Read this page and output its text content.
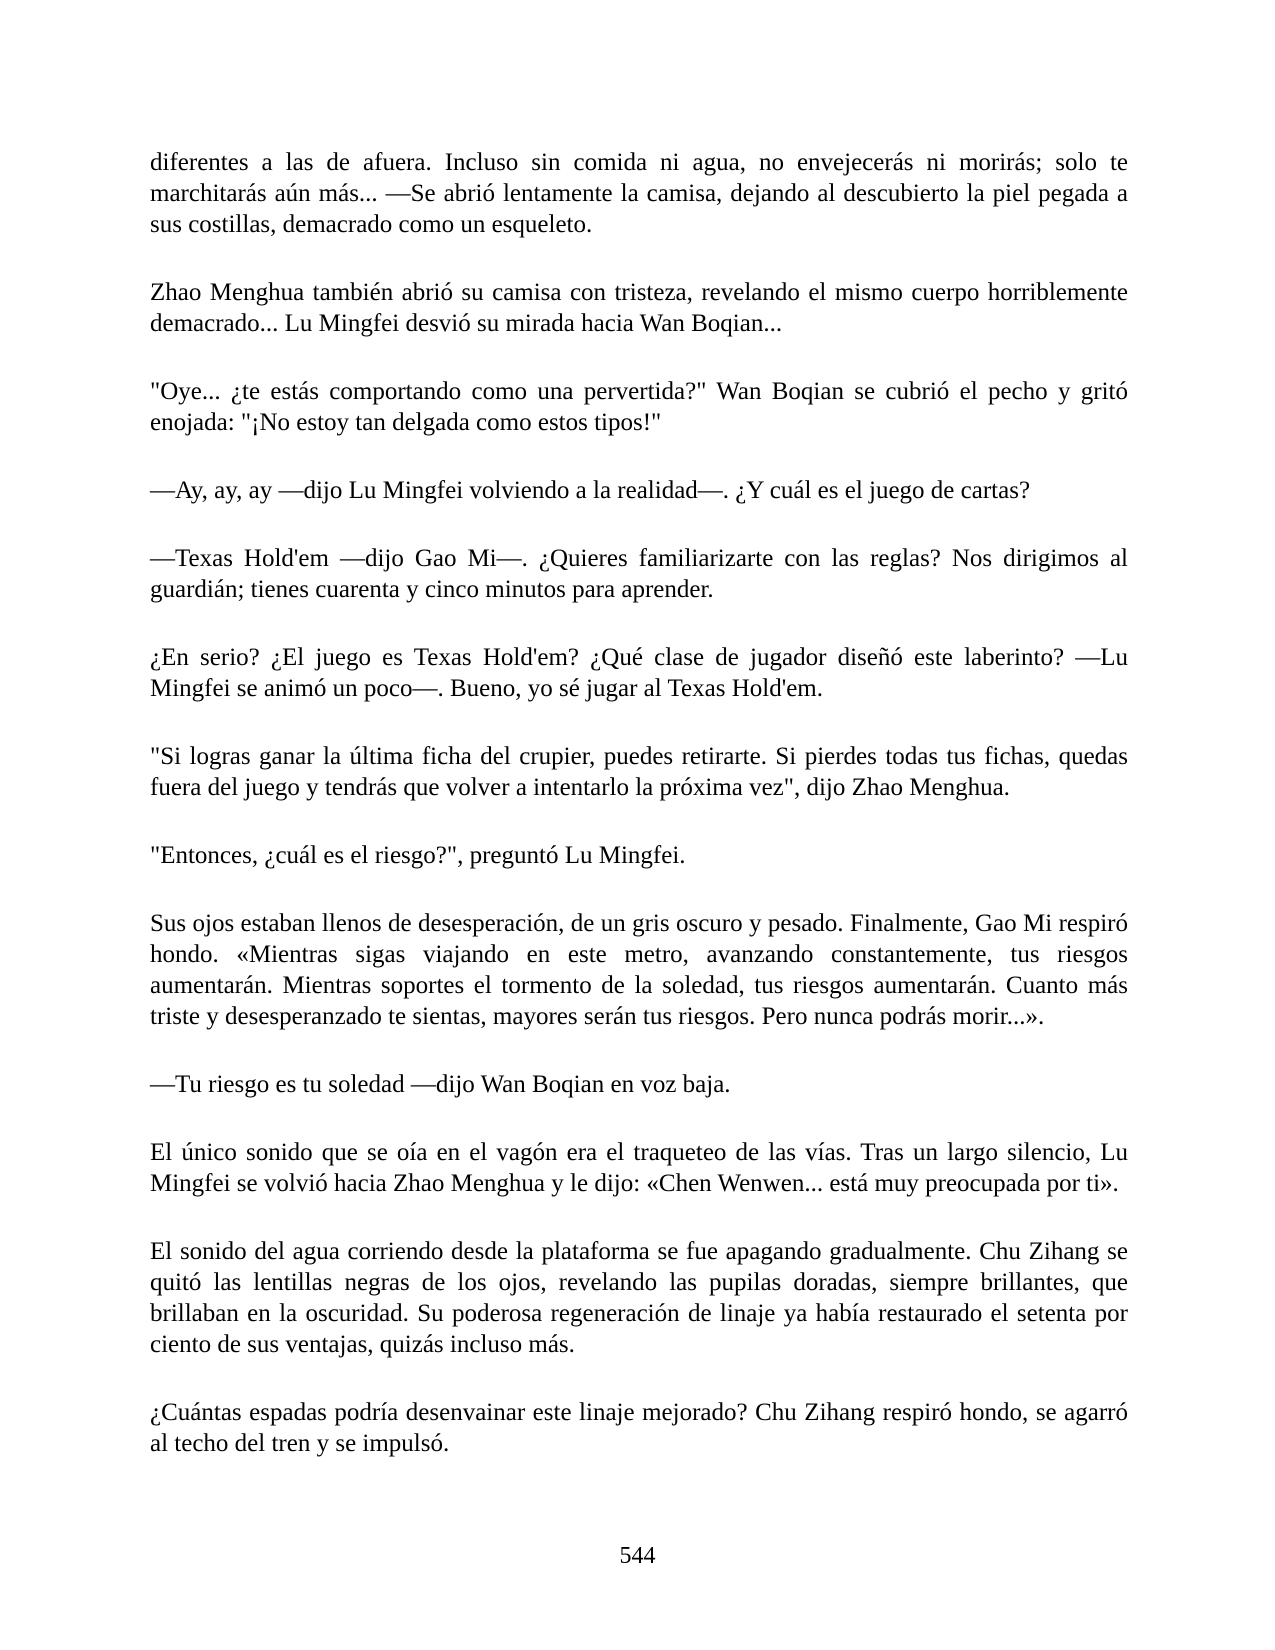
diferentes a las de afuera. Incluso sin comida ni agua, no envejecerás ni morirás; solo te marchitarás aún más... —Se abrió lentamente la camisa, dejando al descubierto la piel pegada a sus costillas, demacrado como un esqueleto.

Zhao Menghua también abrió su camisa con tristeza, revelando el mismo cuerpo horriblemente demacrado... Lu Mingfei desvió su mirada hacia Wan Boqian...

"Oye... ¿te estás comportando como una pervertida?" Wan Boqian se cubrió el pecho y gritó enojada: "¡No estoy tan delgada como estos tipos!"

—Ay, ay, ay —dijo Lu Mingfei volviendo a la realidad—. ¿Y cuál es el juego de cartas?

—Texas Hold'em —dijo Gao Mi—. ¿Quieres familiarizarte con las reglas? Nos dirigimos al guardián; tienes cuarenta y cinco minutos para aprender.

¿En serio? ¿El juego es Texas Hold'em? ¿Qué clase de jugador diseñó este laberinto? —Lu Mingfei se animó un poco—. Bueno, yo sé jugar al Texas Hold'em.

"Si logras ganar la última ficha del crupier, puedes retirarte. Si pierdes todas tus fichas, quedas fuera del juego y tendrás que volver a intentarlo la próxima vez", dijo Zhao Menghua.

"Entonces, ¿cuál es el riesgo?", preguntó Lu Mingfei.

Sus ojos estaban llenos de desesperación, de un gris oscuro y pesado. Finalmente, Gao Mi respiró hondo. «Mientras sigas viajando en este metro, avanzando constantemente, tus riesgos aumentarán. Mientras soportes el tormento de la soledad, tus riesgos aumentarán. Cuanto más triste y desesperanzado te sientas, mayores serán tus riesgos. Pero nunca podrás morir...».

—Tu riesgo es tu soledad —dijo Wan Boqian en voz baja.

El único sonido que se oía en el vagón era el traqueteo de las vías. Tras un largo silencio, Lu Mingfei se volvió hacia Zhao Menghua y le dijo: «Chen Wenwen... está muy preocupada por ti».

El sonido del agua corriendo desde la plataforma se fue apagando gradualmente. Chu Zihang se quitó las lentillas negras de los ojos, revelando las pupilas doradas, siempre brillantes, que brillaban en la oscuridad. Su poderosa regeneración de linaje ya había restaurado el setenta por ciento de sus ventajas, quizás incluso más.

¿Cuántas espadas podría desenvainar este linaje mejorado? Chu Zihang respiró hondo, se agarró al techo del tren y se impulsó.

544
